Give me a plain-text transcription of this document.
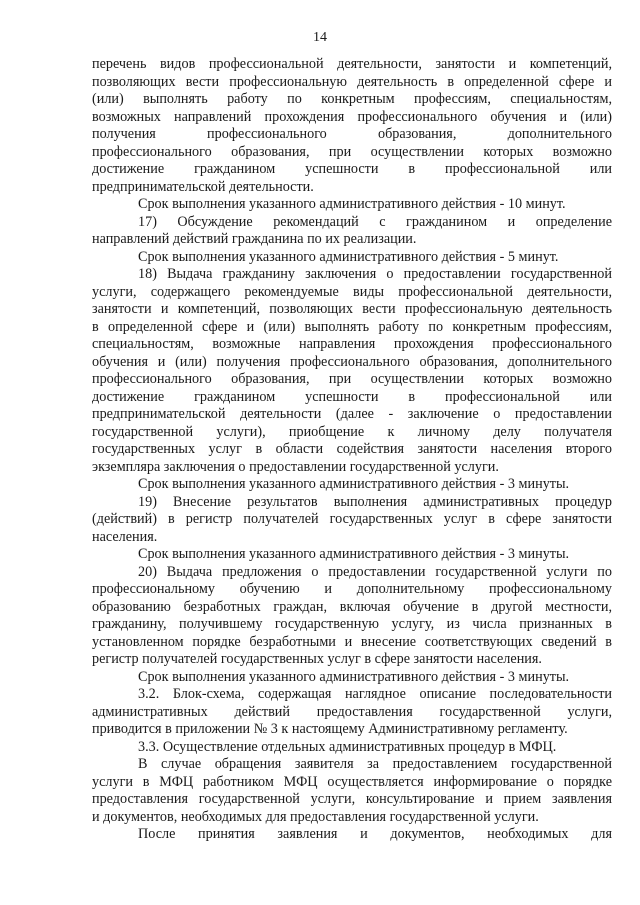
14
перечень видов профессиональной деятельности, занятости и компетенций,
позволяющих вести профессиональную деятельность в определенной сфере и
(или) выполнять работу по конкретным профессиям, специальностям,
возможных направлений прохождения профессионального обучения и (или)
получения профессионального образования, дополнительного
профессионального образования, при осуществлении которых возможно
достижение гражданином успешности в профессиональной или
предпринимательской деятельности.
Срок выполнения указанного административного действия - 10 минут.
17) Обсуждение рекомендаций с гражданином и определение
направлений действий гражданина по их реализации.
Срок выполнения указанного административного действия - 5 минут.
18) Выдача гражданину заключения о предоставлении государственной
услуги, содержащего рекомендуемые виды профессиональной деятельности,
занятости и компетенций, позволяющих вести профессиональную деятельность
в определенной сфере и (или) выполнять работу по конкретным профессиям,
специальностям, возможные направления прохождения профессионального
обучения и (или) получения профессионального образования, дополнительного
профессионального образования, при осуществлении которых возможно
достижение гражданином успешности в профессиональной или
предпринимательской деятельности (далее - заключение о предоставлении
государственной услуги), приобщение к личному делу получателя
государственных услуг в области содействия занятости населения второго
экземпляра заключения о предоставлении государственной услуги.
Срок выполнения указанного административного действия - 3 минуты.
19) Внесение результатов выполнения административных процедур
(действий) в регистр получателей государственных услуг в сфере занятости
населения.
Срок выполнения указанного административного действия - 3 минуты.
20) Выдача предложения о предоставлении государственной услуги по
профессиональному обучению и дополнительному профессиональному
образованию безработных граждан, включая обучение в другой местности,
гражданину, получившему государственную услугу, из числа признанных в
установленном порядке безработными и внесение соответствующих сведений в
регистр получателей государственных услуг в сфере занятости населения.
Срок выполнения указанного административного действия - 3 минуты.
3.2. Блок-схема, содержащая наглядное описание последовательности
административных действий предоставления государственной услуги,
приводится в приложении № 3 к настоящему Административному регламенту.
3.3. Осуществление отдельных административных процедур в МФЦ.
В случае обращения заявителя за предоставлением государственной
услуги в МФЦ работником МФЦ осуществляется информирование о порядке
предоставления государственной услуги, консультирование и прием заявления
и документов, необходимых для предоставления государственной услуги.
После принятия заявления и документов, необходимых для
